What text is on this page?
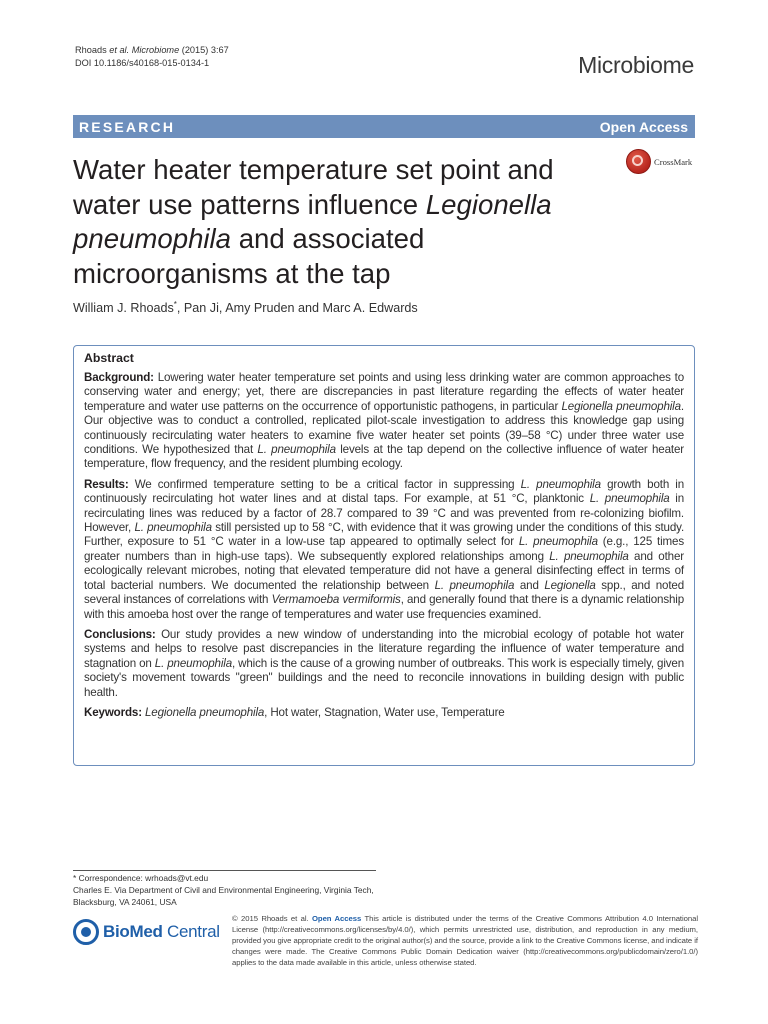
Rhoads et al. Microbiome (2015) 3:67
DOI 10.1186/s40168-015-0134-1	Microbiome
RESEARCH	Open Access
CrossMark
Water heater temperature set point and water use patterns influence Legionella pneumophila and associated microorganisms at the tap
William J. Rhoads*, Pan Ji, Amy Pruden and Marc A. Edwards

Abstract

Background: Lowering water heater temperature set points and using less drinking water are common approaches to conserving water and energy; yet, there are discrepancies in past literature regarding the effects of water heater temperature and water use patterns on the occurrence of opportunistic pathogens, in particular Legionella pneumophila. Our objective was to conduct a controlled, replicated pilot-scale investigation to address this knowledge gap using continuously recirculating water heaters to examine five water heater set points (39–58 °C) under three water use conditions. We hypothesized that L. pneumophila levels at the tap depend on the collective influence of water heater temperature, flow frequency, and the resident plumbing ecology.

Results: We confirmed temperature setting to be a critical factor in suppressing L. pneumophila growth both in continuously recirculating hot water lines and at distal taps. For example, at 51 °C, planktonic L. pneumophila in recirculating lines was reduced by a factor of 28.7 compared to 39 °C and was prevented from re-colonizing biofilm. However, L. pneumophila still persisted up to 58 °C, with evidence that it was growing under the conditions of this study. Further, exposure to 51 °C water in a low-use tap appeared to optimally select for L. pneumophila (e.g., 125 times greater numbers than in high-use taps). We subsequently explored relationships among L. pneumophila and other ecologically relevant microbes, noting that elevated temperature did not have a general disinfecting effect in terms of total bacterial numbers. We documented the relationship between L. pneumophila and Legionella spp., and noted several instances of correlations with Vermamoeba vermiformis, and generally found that there is a dynamic relationship with this amoeba host over the range of temperatures and water use frequencies examined.

Conclusions: Our study provides a new window of understanding into the microbial ecology of potable hot water systems and helps to resolve past discrepancies in the literature regarding the influence of water temperature and stagnation on L. pneumophila, which is the cause of a growing number of outbreaks. This work is especially timely, given society's movement towards "green" buildings and the need to reconcile innovations in building design with public health.

Keywords: Legionella pneumophila, Hot water, Stagnation, Water use, Temperature

* Correspondence: wrhoads@vt.edu
Charles E. Via Department of Civil and Environmental Engineering, Virginia Tech, Blacksburg, VA 24061, USA
BioMed Central
© 2015 Rhoads et al. Open Access This article is distributed under the terms of the Creative Commons Attribution 4.0 International License (http://creativecommons.org/licenses/by/4.0/), which permits unrestricted use, distribution, and reproduction in any medium, provided you give appropriate credit to the original author(s) and the source, provide a link to the Creative Commons license, and indicate if changes were made. The Creative Commons Public Domain Dedication waiver (http://creativecommons.org/publicdomain/zero/1.0/) applies to the data made available in this article, unless otherwise stated.
